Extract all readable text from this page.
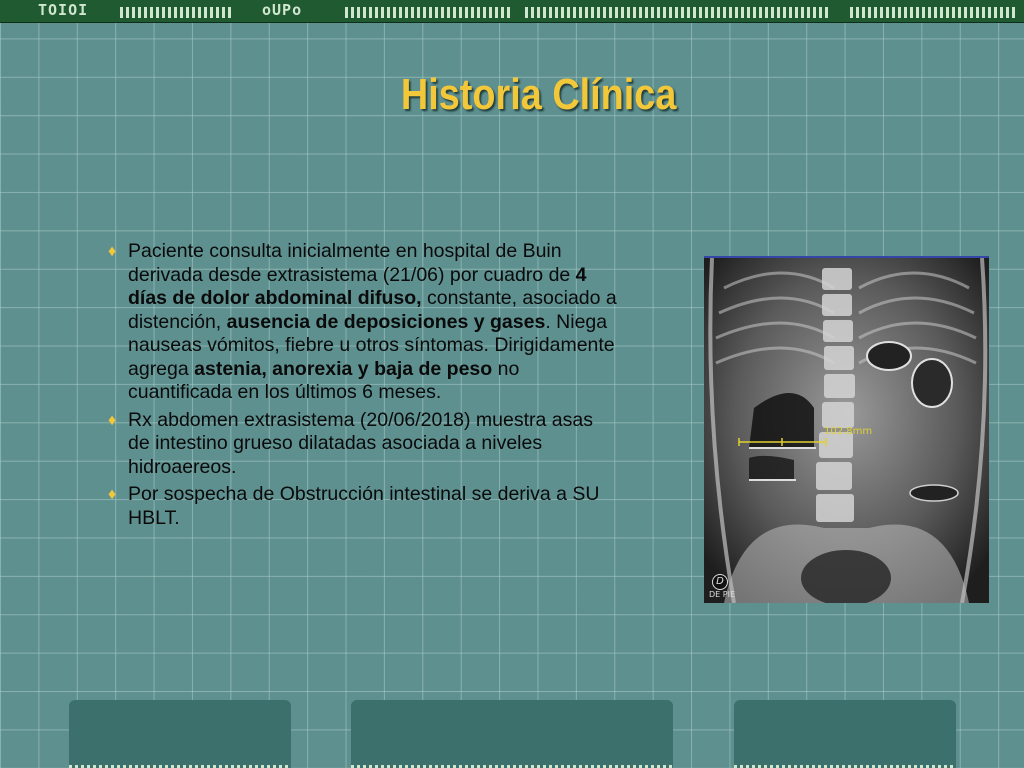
TOIOI	oUPo
Historia Clínica
♦ Paciente consulta inicialmente en hospital de Buin derivada desde extrasistema (21/06) por cuadro de 4 días de dolor abdominal difuso, constante, asociado a distención, ausencia de deposiciones y gases. Niega nauseas vómitos, fiebre u otros síntomas. Dirigidamente agrega astenia, anorexia y baja de peso no cuantificada en los últimos 6 meses.
♦ Rx abdomen extrasistema (20/06/2018) muestra asas de intestino grueso dilatadas asociada a niveles hidroaereos.
♦ Por sospecha de Obstrucción intestinal se deriva a SU HBLT.
102.8mm
D
DE PIE
